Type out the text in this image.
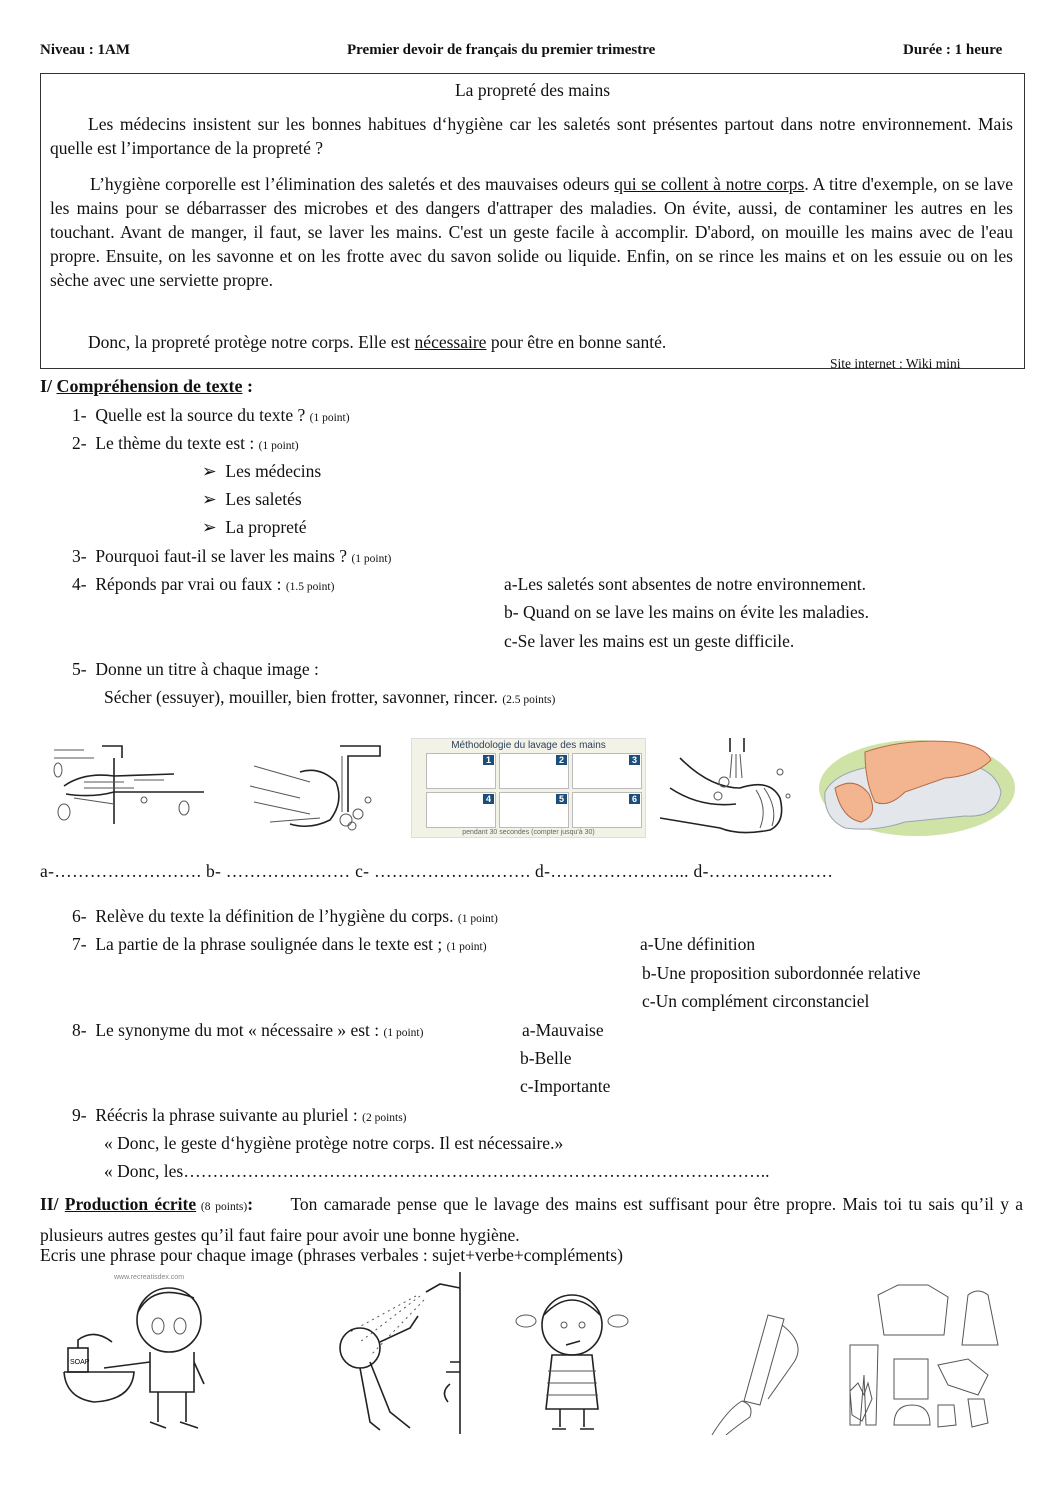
Niveau : 1AM	Premier devoir de français du premier trimestre	Durée : 1 heure
La propreté des mains
Les médecins insistent sur les bonnes habitues d‘hygiène car les saletés sont présentes partout dans notre environnement. Mais quelle est l’importance de la propreté ?
L’hygiène corporelle est l’élimination des saletés et des mauvaises odeurs qui se collent à notre corps. A titre d'exemple, on se lave les mains pour se débarrasser des microbes et des dangers d'attraper des maladies. On évite, aussi, de contaminer les autres en les touchant. Avant de manger, il faut, se laver les mains. C'est un geste facile à accomplir. D'abord, on mouille les mains avec de l'eau propre. Ensuite, on les savonne et on les frotte avec du savon solide ou liquide. Enfin, on se rince les mains et on les essuie ou on les sèche avec une serviette propre.
Donc, la propreté protège notre corps. Elle est nécessaire pour être en bonne santé.
Site internet : Wiki mini
I/ Compréhension de texte :
1- Quelle est la source du texte ? (1 point)
2- Le thème du texte est : (1 point)
➢ Les médecins
➢ Les saletés
➢ La propreté
3- Pourquoi faut-il se laver les mains ? (1 point)
4- Réponds par vrai ou faux : (1.5 point)	a-Les saletés sont absentes de notre environnement.
b- Quand on se lave les mains on évite les maladies.
c-Se laver les mains est un geste difficile.
5- Donne un titre à chaque image :
Sécher (essuyer), mouiller, bien frotter, savonner, rincer. (2.5 points)
Méthodologie du lavage des mains
1	2	3
4	5	6
pendant 30 secondes (compter jusqu'à 30)
a-……………………. b- ………………… c- ………………..……. d-…………………... d-…………………
6- Relève du texte la définition de l’hygiène du corps. (1 point)
7- La partie de la phrase soulignée dans le texte est ; (1 point)	a-Une définition
b-Une proposition subordonnée relative
c-Un complément circonstanciel
8- Le synonyme du mot « nécessaire » est : (1 point)	a-Mauvaise
b-Belle
c-Importante
9- Réécris la phrase suivante au pluriel : (2 points)
« Donc, le geste d‘hygiène protège notre corps. Il est nécessaire.»
« Donc, les………………………………………………………………………………………..
II/ Production écrite (8 points): Ton camarade pense que le lavage des mains est suffisant pour être propre. Mais toi tu sais qu’il y a plusieurs autres gestes qu’il faut faire pour avoir une bonne hygiène.
Ecris une phrase pour chaque image (phrases verbales : sujet+verbe+compléments)
www.recreatisdex.com
SOAP
